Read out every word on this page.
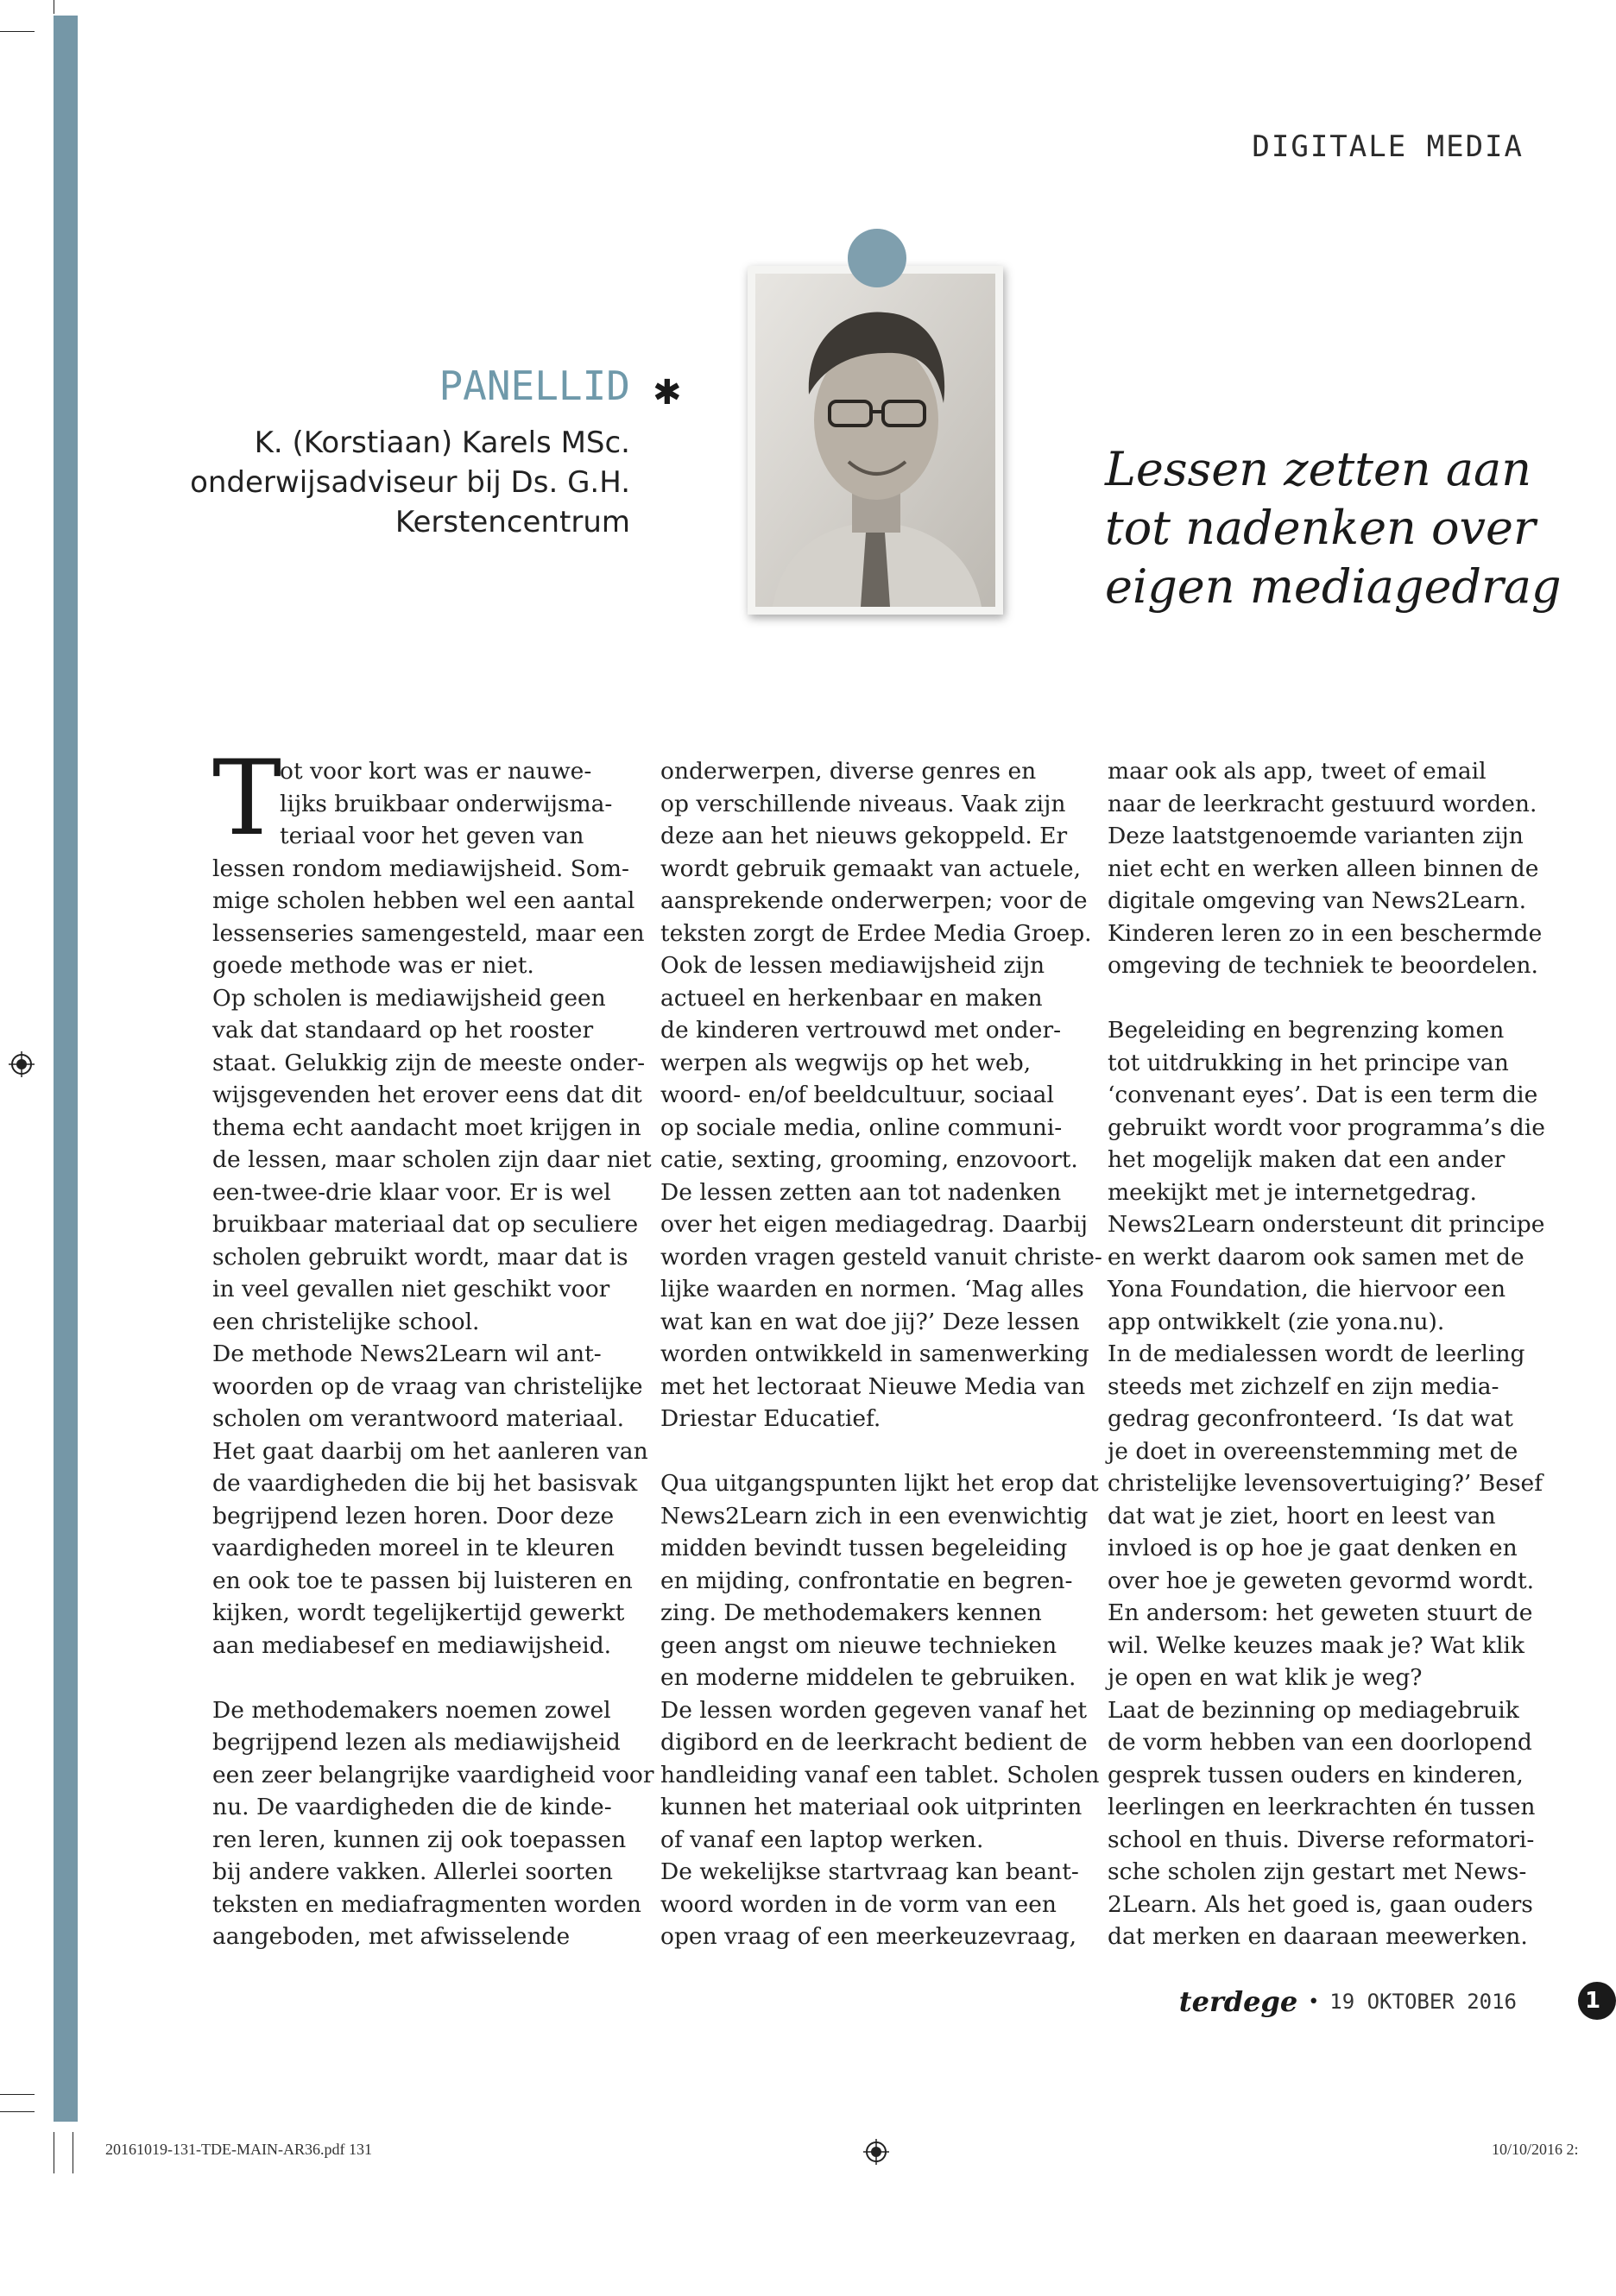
DIGITALE MEDIA
PANELLID ✱
K. (Korstiaan) Karels MSc.
onderwijsadviseur bij Ds. G.H.
Kerstencentrum
Lessen zetten aan
tot nadenken over
eigen mediagedrag
T

ot voor kort was er nauwe-

lijks bruikbaar onderwijsma-

teriaal voor het geven van

lessen rondom mediawijsheid. Som-

mige scholen hebben wel een aantal

lessenseries samengesteld, maar een

goede methode was er niet.

Op scholen is mediawijsheid geen

vak dat standaard op het rooster

staat. Gelukkig zijn de meeste onder-

wijsgevenden het erover eens dat dit

thema echt aandacht moet krijgen in

de lessen, maar scholen zijn daar niet

een-twee-drie klaar voor. Er is wel

bruikbaar materiaal dat op seculiere

scholen gebruikt wordt, maar dat is

in veel gevallen niet geschikt voor

een christelijke school.

De methode News2Learn wil ant-

woorden op de vraag van christelijke

scholen om verantwoord materiaal.

Het gaat daarbij om het aanleren van

de vaardigheden die bij het basisvak

begrijpend lezen horen. Door deze

vaardigheden moreel in te kleuren

en ook toe te passen bij luisteren en

kijken, wordt tegelijkertijd gewerkt

aan mediabesef en mediawijsheid.

De methodemakers noemen zowel

begrijpend lezen als mediawijsheid

een zeer belangrijke vaardigheid voor

nu. De vaardigheden die de kinde-

ren leren, kunnen zij ook toepassen

bij andere vakken. Allerlei soorten

teksten en mediafragmenten worden

aangeboden, met afwisselende

onderwerpen, diverse genres en

op verschillende niveaus. Vaak zijn

deze aan het nieuws gekoppeld. Er

wordt gebruik gemaakt van actuele,

aansprekende onderwerpen; voor de

teksten zorgt de Erdee Media Groep.

Ook de lessen mediawijsheid zijn

actueel en herkenbaar en maken

de kinderen vertrouwd met onder-

werpen als wegwijs op het web,

woord- en/of beeldcultuur, sociaal

op sociale media, online communi-

catie, sexting, grooming, enzovoort.

De lessen zetten aan tot nadenken

over het eigen mediagedrag. Daarbij

worden vragen gesteld vanuit christe-

lijke waarden en normen. ‘Mag alles

wat kan en wat doe jij?’ Deze lessen

worden ontwikkeld in samenwerking

met het lectoraat Nieuwe Media van

Driestar Educatief.

Qua uitgangspunten lijkt het erop dat

News2Learn zich in een evenwichtig

midden bevindt tussen begeleiding

en mijding, confrontatie en begren-

zing. De methodemakers kennen

geen angst om nieuwe technieken

en moderne middelen te gebruiken.

De lessen worden gegeven vanaf het

digibord en de leerkracht bedient de

handleiding vanaf een tablet. Scholen

kunnen het materiaal ook uitprinten

of vanaf een laptop werken.

De wekelijkse startvraag kan beant-

woord worden in de vorm van een

open vraag of een meerkeuzevraag,

maar ook als app, tweet of email

naar de leerkracht gestuurd worden.

Deze laatstgenoemde varianten zijn

niet echt en werken alleen binnen de

digitale omgeving van News2Learn.

Kinderen leren zo in een beschermde

omgeving de techniek te beoordelen.

Begeleiding en begrenzing komen

tot uitdrukking in het principe van

‘convenant eyes’. Dat is een term die

gebruikt wordt voor programma’s die

het mogelijk maken dat een ander

meekijkt met je internetgedrag.

News2Learn ondersteunt dit principe

en werkt daarom ook samen met de

Yona Foundation, die hiervoor een

app ontwikkelt (zie yona.nu).

In de medialessen wordt de leerling

steeds met zichzelf en zijn media-

gedrag geconfronteerd. ‘Is dat wat

je doet in overeenstemming met de

christelijke levensovertuiging?’ Besef

dat wat je ziet, hoort en leest van

invloed is op hoe je gaat denken en

over hoe je geweten gevormd wordt.

En andersom: het geweten stuurt de

wil. Welke keuzes maak je? Wat klik

je open en wat klik je weg?

Laat de bezinning op mediagebruik

de vorm hebben van een doorlopend

gesprek tussen ouders en kinderen,

leerlingen en leerkrachten én tussen

school en thuis. Diverse reformatori-

sche scholen zijn gestart met News-

2Learn. Als het goed is, gaan ouders

dat merken en daaraan meewerken.

terdege • 19 OKTOBER 2016	1
20161019-131-TDE-MAIN-AR36.pdf 131	10/10/2016 2:
